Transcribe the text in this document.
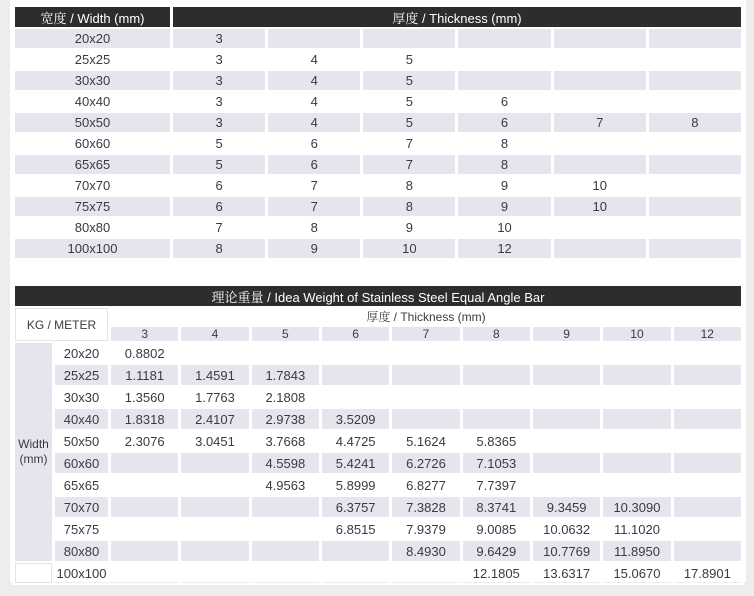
宽度 / Width (mm)	厚度 / Thickness (mm)					
20x20	3					
25x25	3	4	5			
30x30	3	4	5			
40x40	3	4	5	6		
50x50	3	4	5	6	7	8
60x60	5	6	7	8		
65x65	5	6	7	8		
70x70	6	7	8	9	10	
75x75	6	7	8	9	10	
80x80	7	8	9	10		
100x100	8	9	10	12		
理论重量 / Idea Weight of Stainless Steel Equal Angle Bar										
KG / METER		厚度 / Thickness (mm)								
		3	4	5	6	7	8	9	10	12
Width
(mm)	20x20	0.8802								
	25x25	1.1181	1.4591	1.7843						
	30x30	1.3560	1.7763	2.1808						
	40x40	1.8318	2.4107	2.9738	3.5209					
	50x50	2.3076	3.0451	3.7668	4.4725	5.1624	5.8365			
	60x60			4.5598	5.4241	6.2726	7.1053			
	65x65			4.9563	5.8999	6.8277	7.7397			
	70x70				6.3757	7.3828	8.3741	9.3459	10.3090	
	75x75				6.8515	7.9379	9.0085	10.0632	11.1020	
	80x80					8.4930	9.6429	10.7769	11.8950	
	100x100						12.1805	13.6317	15.0670	17.8901
